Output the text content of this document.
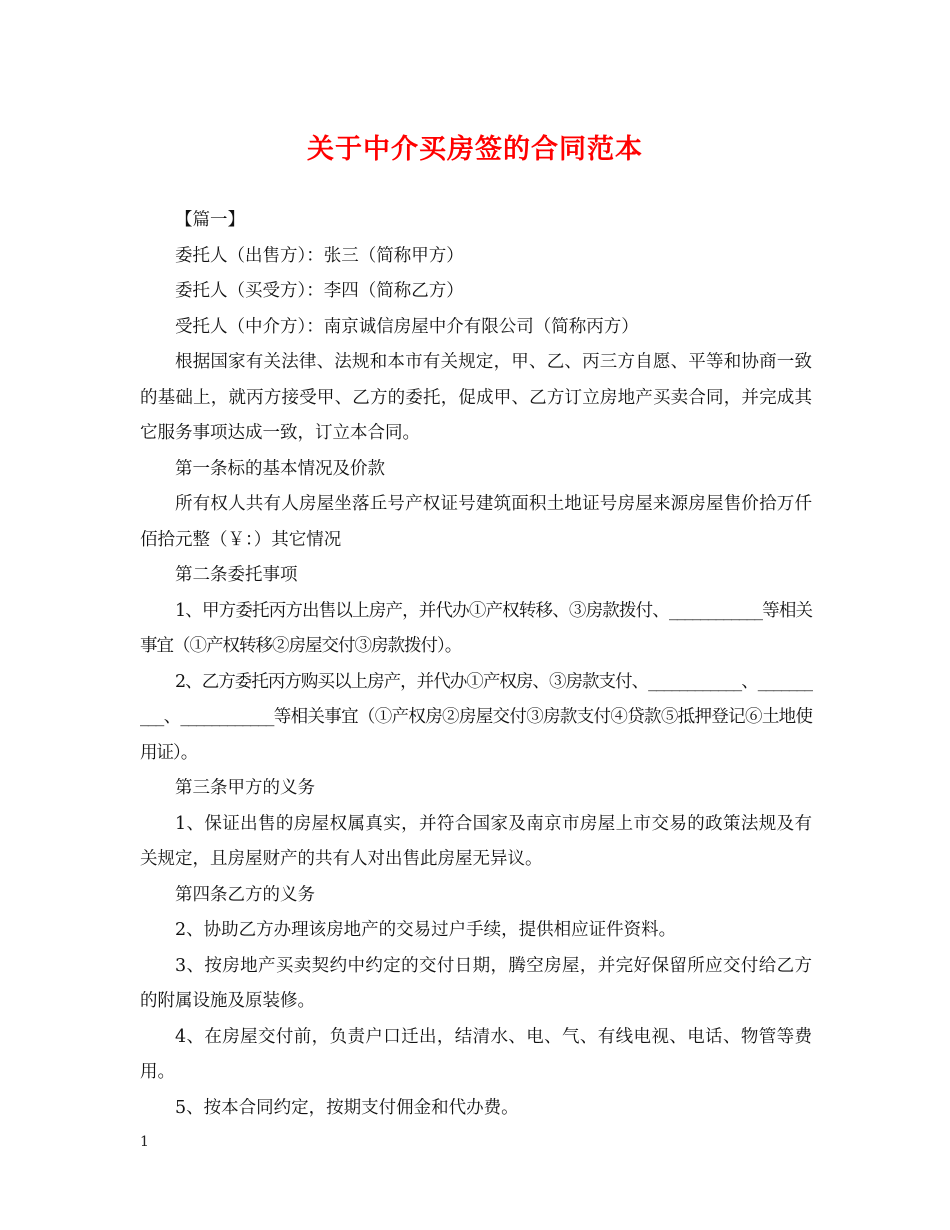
关于中介买房签的合同范本

【篇一】

委托人（出售方）：张三（简称甲方）

委托人（买受方）：李四（简称乙方）

受托人（中介方）：南京诚信房屋中介有限公司（简称丙方）

根据国家有关法律、法规和本市有关规定，甲、乙、丙三方自愿、平等和协商一致的基础上，就丙方接受甲、乙方的委托，促成甲、乙方订立房地产买卖合同，并完成其它服务事项达成一致，订立本合同。

第一条标的基本情况及价款

所有权人共有人房屋坐落丘号产权证号建筑面积土地证号房屋来源房屋售价拾万仟佰拾元整（￥：）其它情况

第二条委托事项

1、甲方委托丙方出售以上房产，并代办①产权转移、③房款拨付、____________等相关事宜（①产权转移②房屋交付③房款拨付）。

2、乙方委托丙方购买以上房产，并代办①产权房、③房款支付、____________、__________、____________等相关事宜（①产权房②房屋交付③房款支付④贷款⑤抵押登记⑥土地使用证）。

第三条甲方的义务

1、保证出售的房屋权属真实，并符合国家及南京市房屋上市交易的政策法规及有关规定，且房屋财产的共有人对出售此房屋无异议。

第四条乙方的义务

2、协助乙方办理该房地产的交易过户手续，提供相应证件资料。

3、按房地产买卖契约中约定的交付日期，腾空房屋，并完好保留所应交付给乙方的附属设施及原装修。

4、在房屋交付前，负责户口迁出，结清水、电、气、有线电视、电话、物管等费用。

5、按本合同约定，按期支付佣金和代办费。

1
